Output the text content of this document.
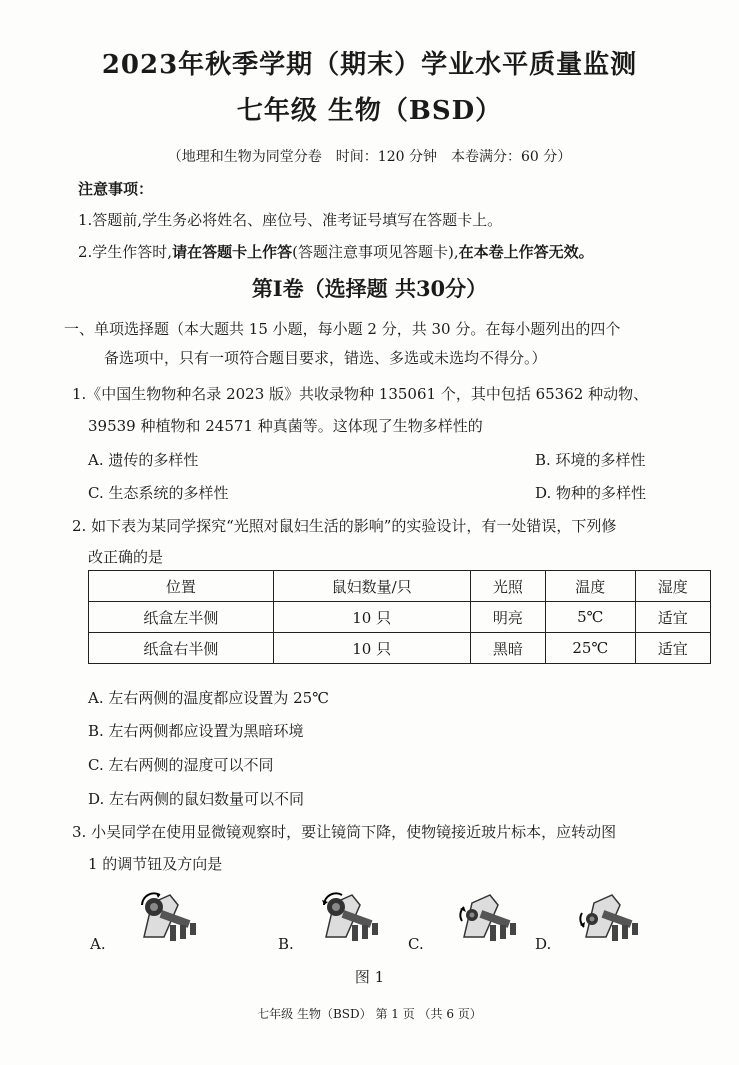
2023年秋季学期（期末）学业水平质量监测
七年级 生物（BSD）
（地理和生物为同堂分卷　时间：120 分钟　本卷满分：60 分）
注意事项：
1.答题前,学生务必将姓名、座位号、准考证号填写在答题卡上。
2.学生作答时,请在答题卡上作答(答题注意事项见答题卡),在本卷上作答无效。
第Ⅰ卷（选择题 共30分）
一、单项选择题（本大题共 15 小题，每小题 2 分，共 30 分。在每小题列出的四个
备选项中，只有一项符合题目要求，错选、多选或未选均不得分。）
1.《中国生物物种名录 2023 版》共收录物种 135061 个，其中包括 65362 种动物、
39539 种植物和 24571 种真菌等。这体现了生物多样性的
A. 遗传的多样性	B. 环境的多样性
C. 生态系统的多样性	D. 物种的多样性
2. 如下表为某同学探究“光照对鼠妇生活的影响”的实验设计，有一处错误，下列修
改正确的是
位置	鼠妇数量/只	光照	温度	湿度
纸盒左半侧	10 只	明亮	5℃	适宜
纸盒右半侧	10 只	黑暗	25℃	适宜
A. 左右两侧的温度都应设置为 25℃
B. 左右两侧都应设置为黑暗环境
C. 左右两侧的湿度可以不同
D. 左右两侧的鼠妇数量可以不同
3. 小吴同学在使用显微镜观察时，要让镜筒下降，使物镜接近玻片标本，应转动图
1 的调节钮及方向是
A.	B.	C.	D.
图 1
七年级 生物（BSD） 第 1 页 （共 6 页）
